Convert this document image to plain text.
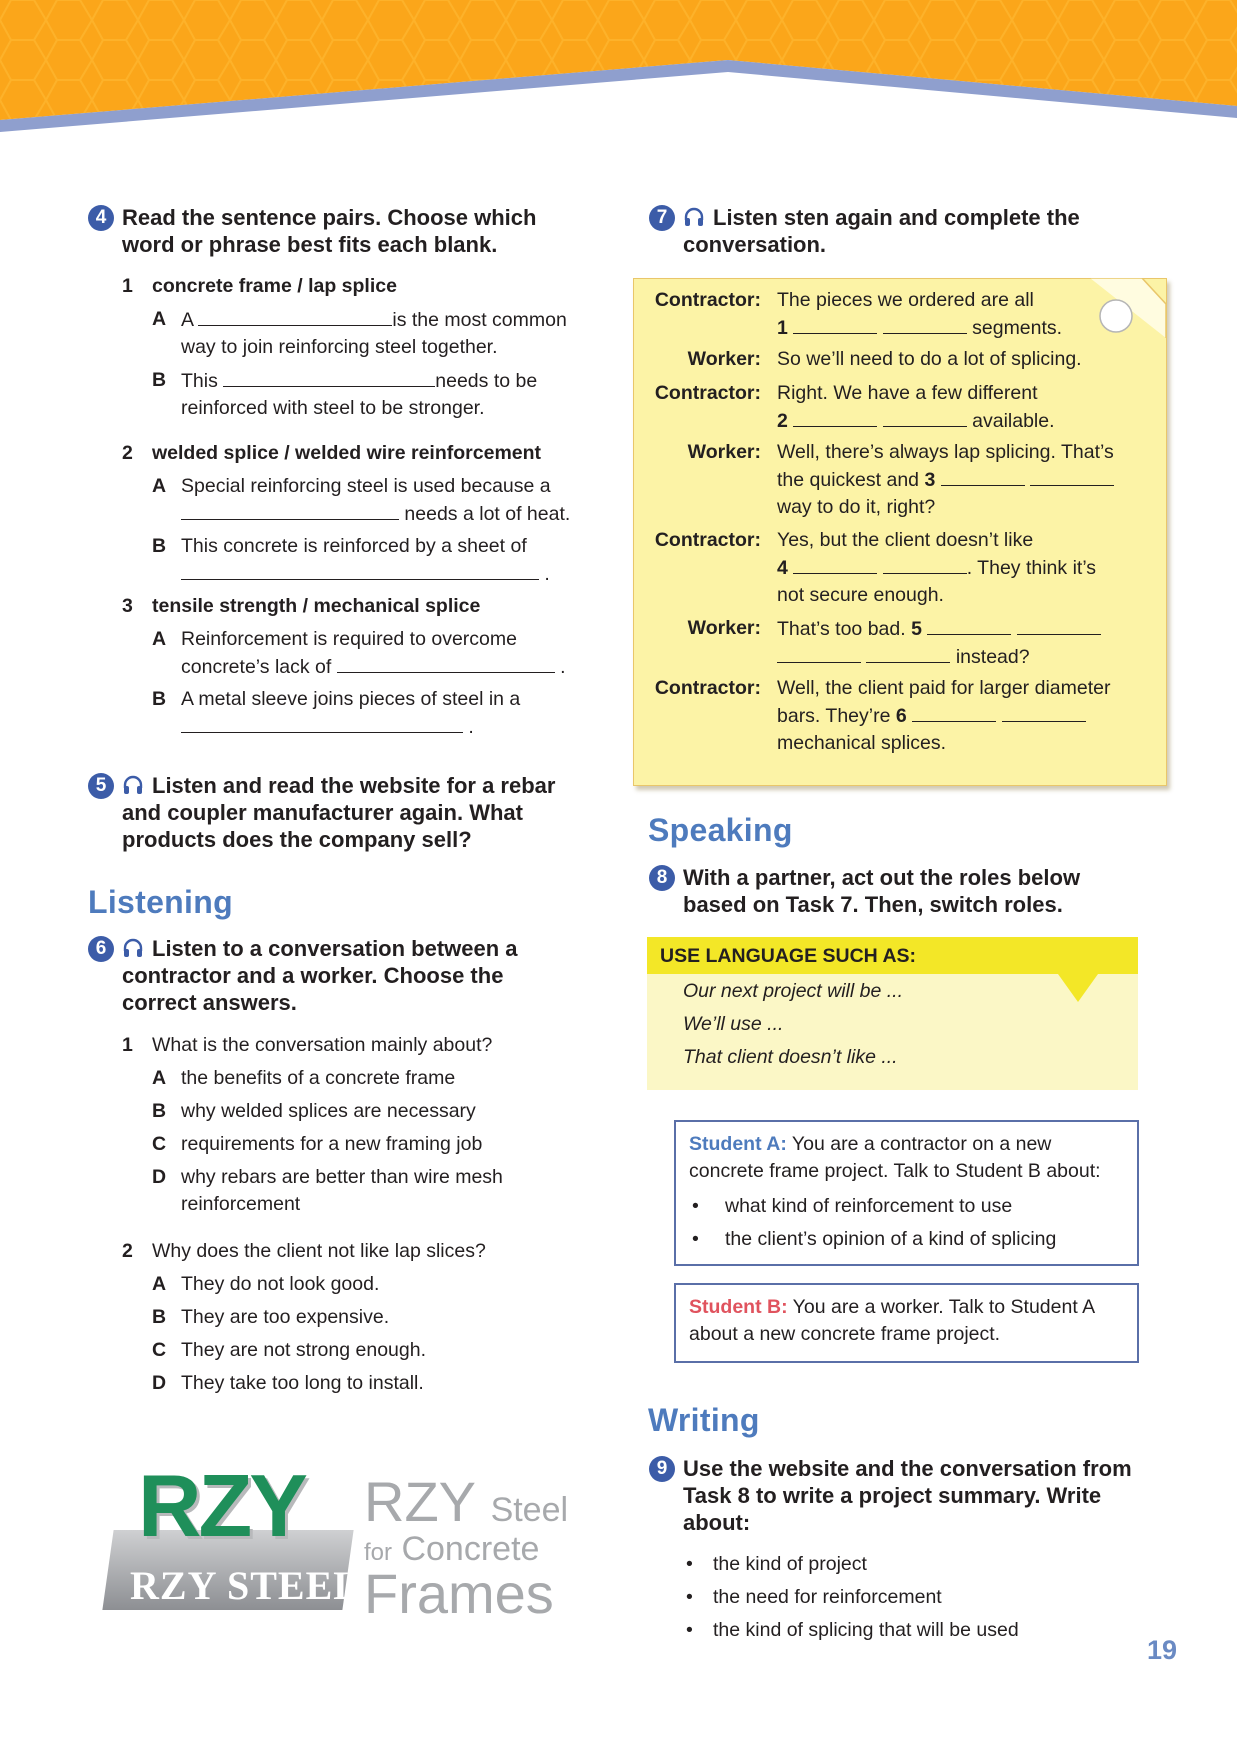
4 Read the sentence pairs. Choose which
word or phrase best fits each blank.
1 concrete frame / lap splice
A A	is the most common
way to join reinforcing steel together.
B This	needs to be
reinforced with steel to be stronger.
2 welded splice / welded wire reinforcement
A Special reinforcing steel is used because a
needs a lot of heat.
B This concrete is reinforced by a sheet of
.
3 tensile strength / mechanical splice
A Reinforcement is required to overcome
concrete’s lack of	.
B A metal sleeve joins pieces of steel in a
.
5	Listen and read the website for a rebar
and coupler manufacturer again. What
products does the company sell?
Listening
6	Listen to a conversation between a
contractor and a worker. Choose the
correct answers.
1 What is the conversation mainly about?
A the benefits of a concrete frame
B why welded splices are necessary
C requirements for a new framing job
D why rebars are better than wire mesh
reinforcement
2 Why does the client not like lap slices?
A They do not look good.
B They are too expensive.
C They are not strong enough.
D They take too long to install.
RZY
RZY STEEL
RZY Steel
for Concrete
Frames
7	Listen sten again and complete the
conversation.
Contractor: The pieces we ordered are all
1	segments.
Worker: So we’ll need to do a lot of splicing.
Contractor: Right. We have a few different
2	available.
Worker: Well, there’s always lap splicing. That’s
the quickest and 3
way to do it, right?
Contractor: Yes, but the client doesn’t like
4	. They think it’s
not secure enough.
Worker: That’s too bad. 5
instead?
Contractor: Well, the client paid for larger diameter
bars. They’re 6
mechanical splices.
Speaking
8 With a partner, act out the roles below
based on Task 7. Then, switch roles.
USE LANGUAGE SUCH AS:
Our next project will be ...
We’ll use ...
That client doesn’t like ...
Student A: You are a contractor on a new
concrete frame project. Talk to Student B about:
• what kind of reinforcement to use
• the client’s opinion of a kind of splicing
Student B: You are a worker. Talk to Student A
about a new concrete frame project.
Writing
9 Use the website and the conversation from
Task 8 to write a project summary. Write
about:
• the kind of project
• the need for reinforcement
• the kind of splicing that will be used
19
